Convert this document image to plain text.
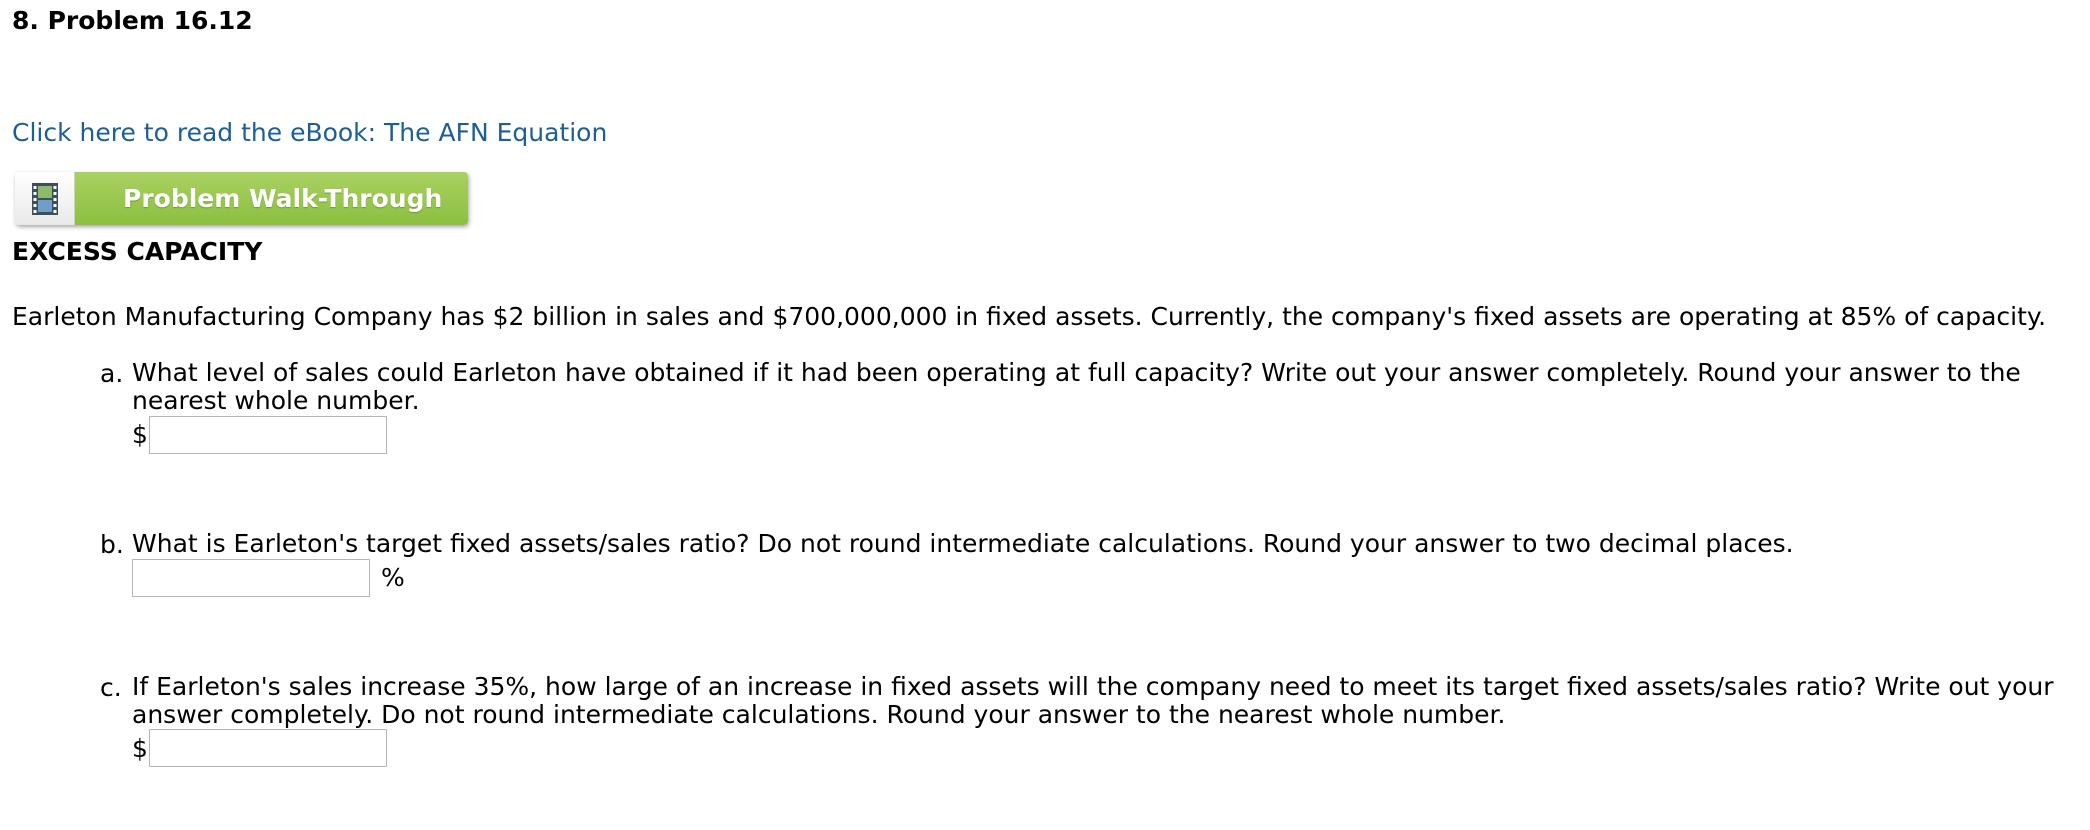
8. Problem 16.12
Click here to read the eBook: The AFN Equation
Problem Walk-Through
EXCESS CAPACITY
Earleton Manufacturing Company has $2 billion in sales and $700,000,000 in fixed assets. Currently, the company's fixed assets are operating at 85% of capacity.
a. What level of sales could Earleton have obtained if it had been operating at full capacity? Write out your answer completely. Round your answer to the nearest whole number.
$
b. What is Earleton's target fixed assets/sales ratio? Do not round intermediate calculations. Round your answer to two decimal places.
%
c. If Earleton's sales increase 35%, how large of an increase in fixed assets will the company need to meet its target fixed assets/sales ratio? Write out your answer completely. Do not round intermediate calculations. Round your answer to the nearest whole number.
$
